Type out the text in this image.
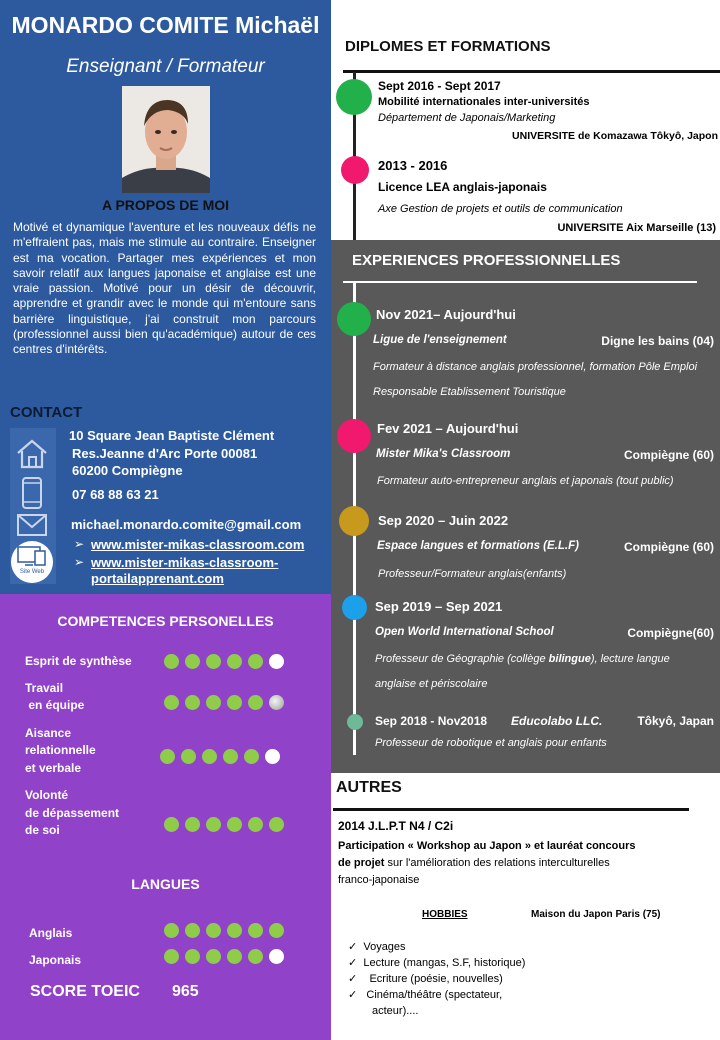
MONARDO COMITE Michaël
Enseignant / Formateur
A PROPOS DE MOI
Motivé et dynamique l'aventure et les nouveaux défis ne m'effraient pas, mais me stimule au contraire. Enseigner est ma vocation. Partager mes expériences et mon savoir relatif aux langues japonaise et anglaise est une vraie passion. Motivé pour un désir de découvrir, apprendre et grandir avec le monde qui m'entoure sans barrière linguistique, j'ai construit mon parcours (professionnel aussi bien qu'académique) autour de ces centres d'intérêts.
CONTACT
Site Web
10 Square Jean Baptiste Clément
Res.Jeanne d'Arc Porte 00081
60200 Compiègne
07 68 88 63 21
michael.monardo.comite@gmail.com
➢ www.mister-mikas-classroom.com
➢ www.mister-mikas-classroom-
portailapprenant.com
COMPETENCES PERSONELLES
Esprit de synthèse
Travail
en équipe
Aisance
relationnelle
et verbale
Volonté
de dépassement
de soi
LANGUES
Anglais
Japonais
SCORE TOEIC 965
DIPLOMES ET FORMATIONS
Sept 2016 - Sept 2017
Mobilité internationales inter-universités
Département de Japonais/Marketing
UNIVERSITE de Komazawa Tôkyô, Japon
2013 - 2016
Licence LEA anglais-japonais
Axe Gestion de projets et outils de communication
UNIVERSITE Aix Marseille (13)
EXPERIENCES PROFESSIONNELLES
Nov 2021– Aujourd'hui
Ligue de l'enseignement	Digne les bains (04)
Formateur à distance anglais professionnel, formation Pôle Emploi Responsable Etablissement Touristique
Fev 2021 – Aujourd'hui
Mister Mika's Classroom	Compiègne (60)
Formateur auto-entrepreneur anglais et japonais (tout public)
Sep 2020 – Juin 2022
Espace langues et formations (E.L.F)	Compiègne (60)
Professeur/Formateur anglais(enfants)
Sep 2019 – Sep 2021
Open World International School	Compiègne(60)
Professeur de Géographie (collège bilingue), lecture langue anglaise et périscolaire
Sep 2018 - Nov2018 Educolabo LLC.	Tôkyô, Japan
Professeur de robotique et anglais pour enfants
AUTRES
2014 J.L.P.T N4 / C2i
Participation « Workshop au Japon » et lauréat concours
de projet sur l'amélioration des relations interculturelles
franco-japonaise
HOBBIES	Maison du Japon Paris (75)
✓ Voyages
✓ Lecture (mangas, S.F, historique)
✓ Ecriture (poésie, nouvelles)
✓ Cinéma/théâtre (spectateur,
acteur)....
